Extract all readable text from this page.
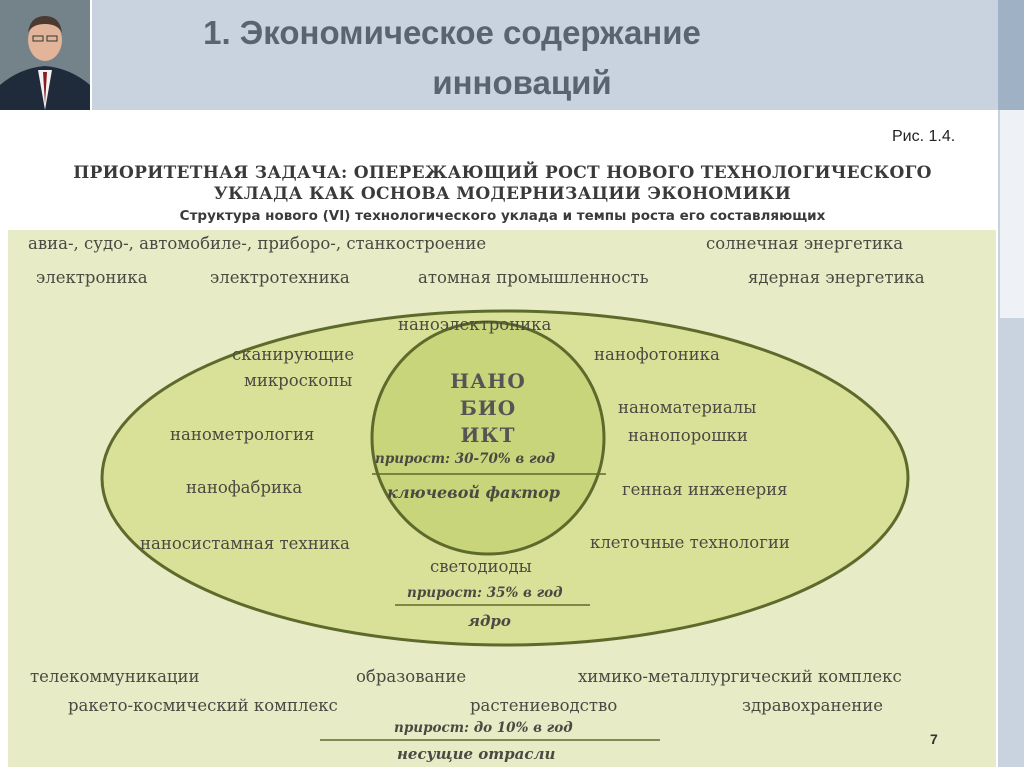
1. Экономическое содержание
инноваций
Рис. 1.4.
ПРИОРИТЕТНАЯ ЗАДАЧА: ОПЕРЕЖАЮЩИЙ РОСТ НОВОГО ТЕХНОЛОГИЧЕСКОГО
УКЛАДА КАК ОСНОВА МОДЕРНИЗАЦИИ ЭКОНОМИКИ
Структура нового (VI) технологического уклада и темпы роста его составляющих
авиа-, судо-, автомобиле-, приборо-, станкостроение	солнечная энергетика
электроника	электротехника	атомная промышленность	ядерная энергетика
наноэлектроника
сканирующие
микроскопы
нанофотоника
наноматериалы
нанопорошки
нанометрология
нанофабрика	генная инженерия
наносистамная техника	клеточные технологии
светодиоды
НАНО
БИО
ИКТ
прирост: 30-70% в год
ключевой фактор
прирост: 35% в год
ядро
телекоммуникации	образование	химико-металлургический комплекс
ракето-космический комплекс	растениеводство	здравохранение
прирост: до 10% в год
несущие отрасли
7
